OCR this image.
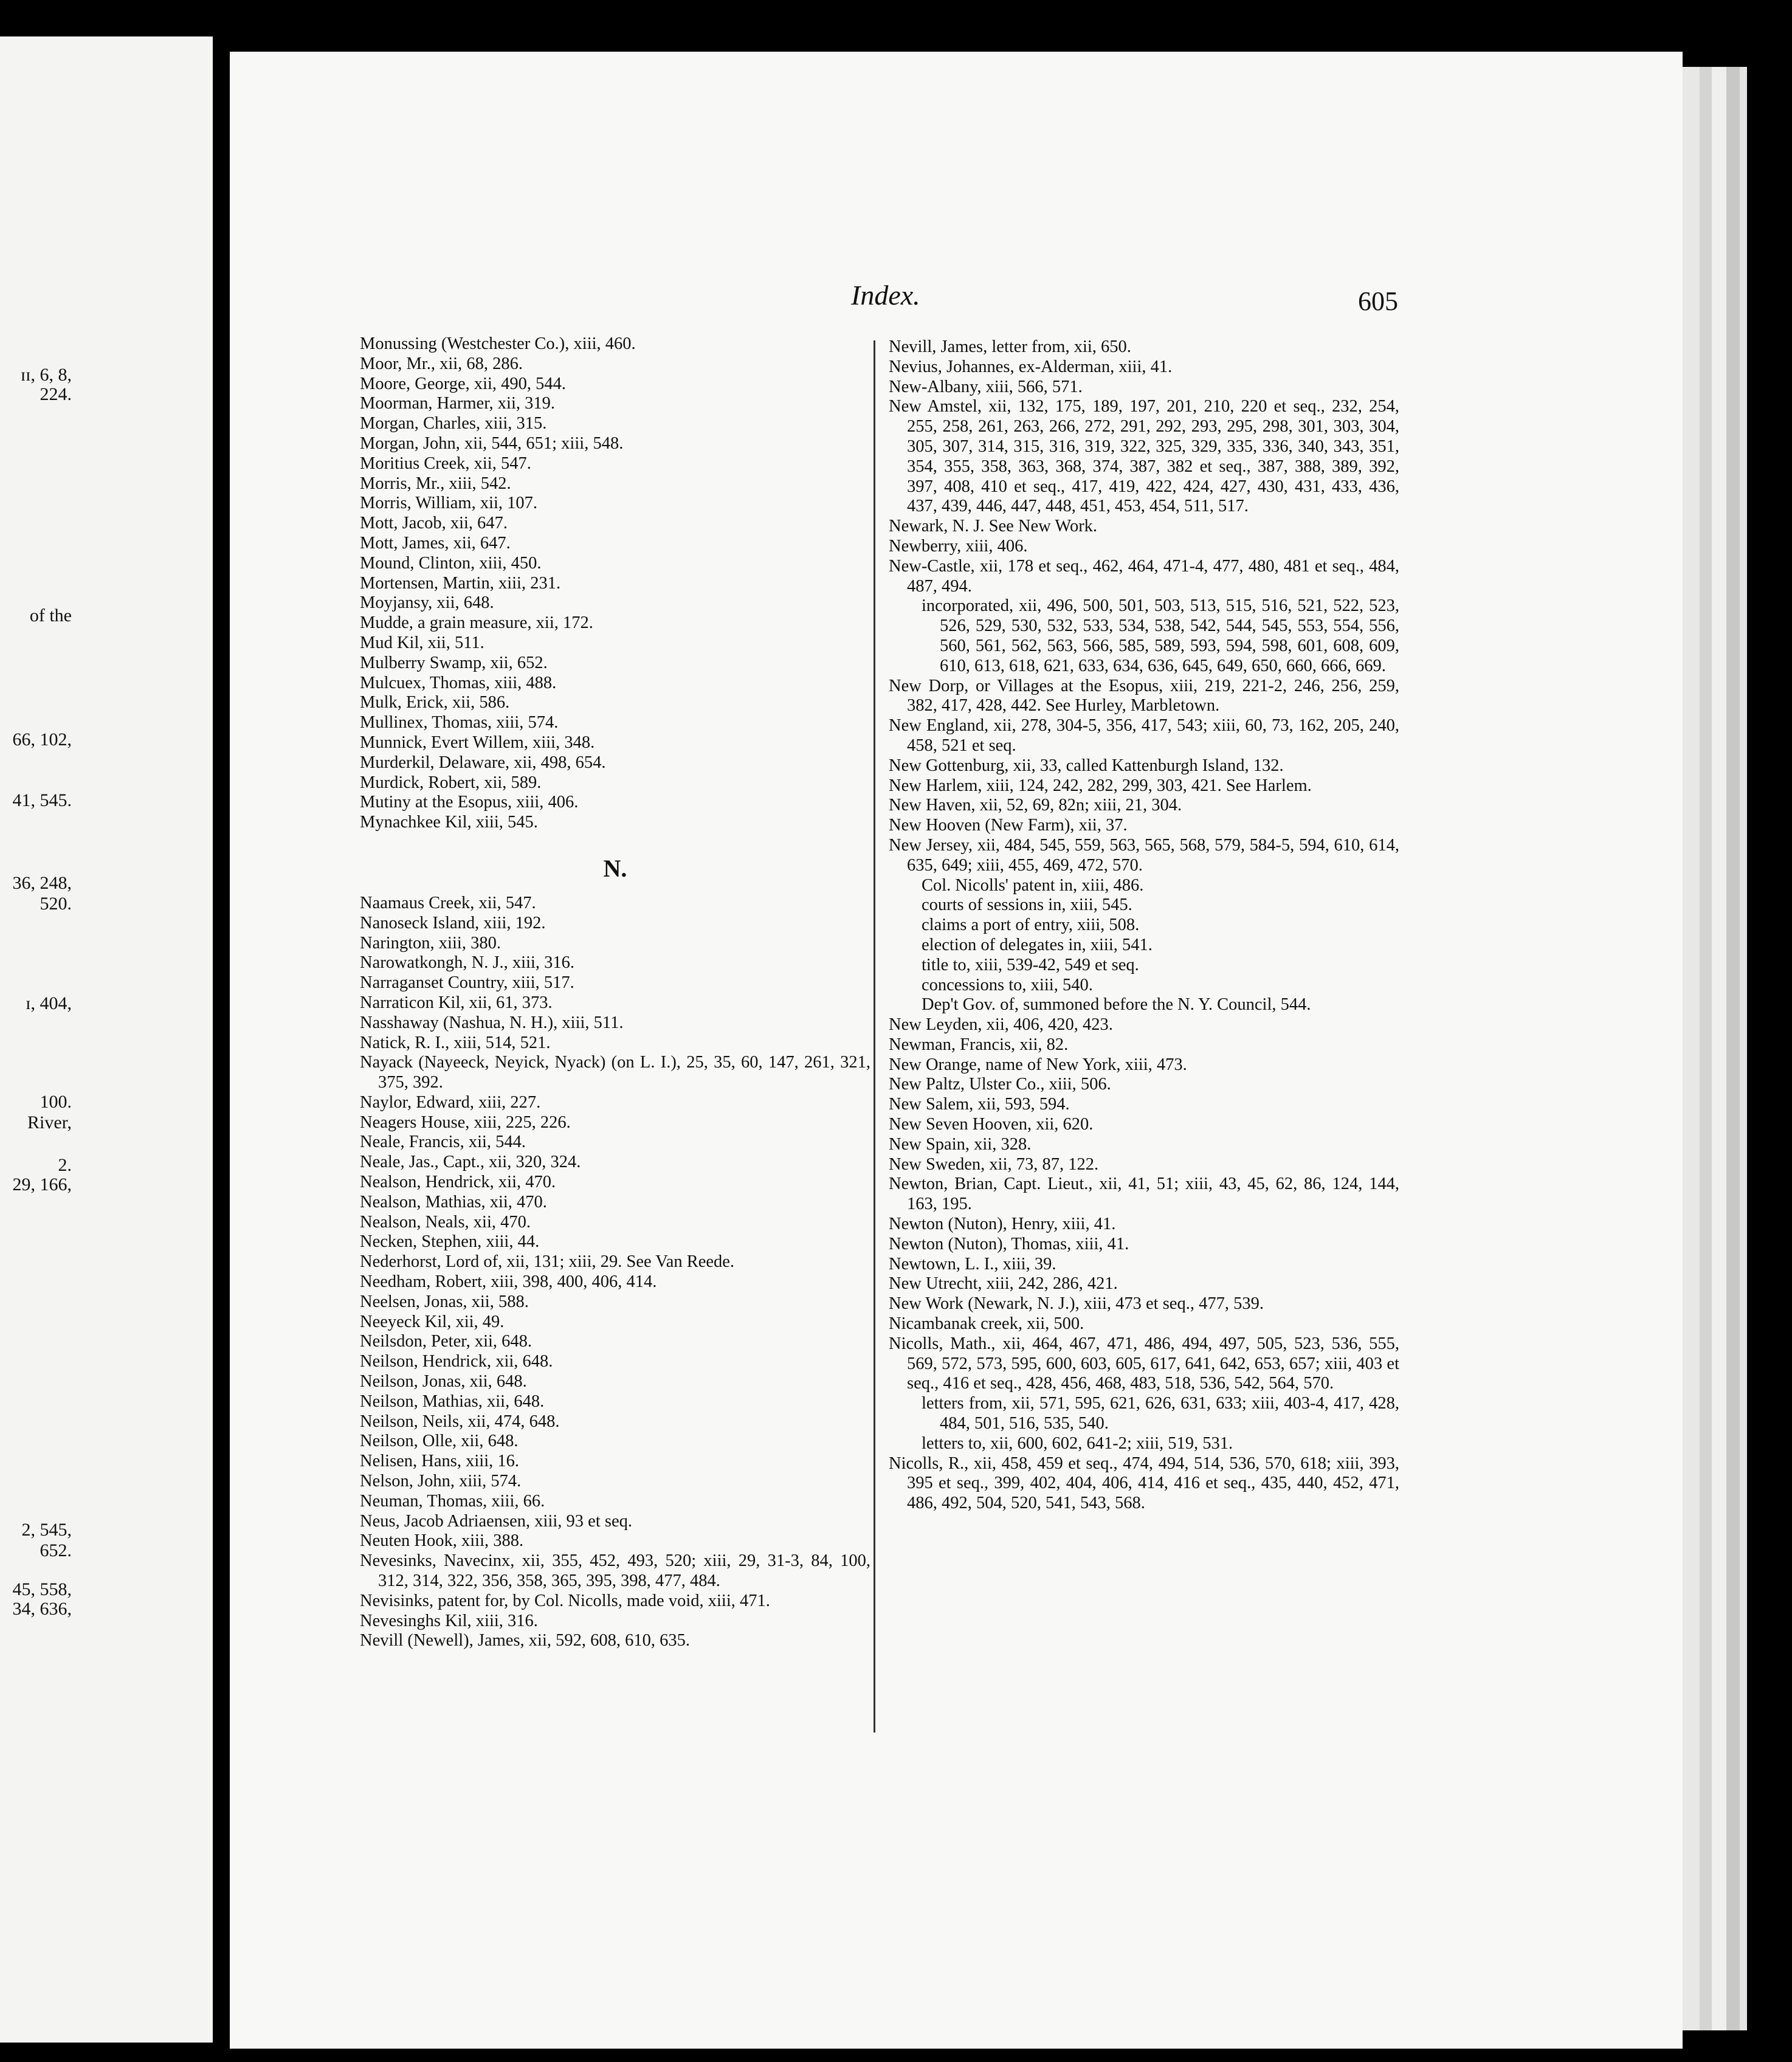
ɪɪ, 6, 8,
224.
of the
66, 102,
41, 545.
36, 248,
520.
ɪ, 404,
100.
River,
2.
29, 166,
2, 545,
652.
45, 558,
34, 636,
Index.	605
Monussing (Westchester Co.), xiii, 460.
Moor, Mr., xii, 68, 286.
Moore, George, xii, 490, 544.
Moorman, Harmer, xii, 319.
Morgan, Charles, xiii, 315.
Morgan, John, xii, 544, 651; xiii, 548.
Moritius Creek, xii, 547.
Morris, Mr., xiii, 542.
Morris, William, xii, 107.
Mott, Jacob, xii, 647.
Mott, James, xii, 647.
Mound, Clinton, xiii, 450.
Mortensen, Martin, xiii, 231.
Moyjansy, xii, 648.
Mudde, a grain measure, xii, 172.
Mud Kil, xii, 511.
Mulberry Swamp, xii, 652.
Mulcuex, Thomas, xiii, 488.
Mulk, Erick, xii, 586.
Mullinex, Thomas, xiii, 574.
Munnick, Evert Willem, xiii, 348.
Murderkil, Delaware, xii, 498, 654.
Murdick, Robert, xii, 589.
Mutiny at the Esopus, xiii, 406.
Mynachkee Kil, xiii, 545.
N.
Naamaus Creek, xii, 547.
Nanoseck Island, xiii, 192.
Narington, xiii, 380.
Narowatkongh, N. J., xiii, 316.
Narraganset Country, xiii, 517.
Narraticon Kil, xii, 61, 373.
Nasshaway (Nashua, N. H.), xiii, 511.
Natick, R. I., xiii, 514, 521.
Nayack (Nayeeck, Neyick, Nyack) (on L. I.), 25, 35, 60, 147, 261, 321, 375, 392.
Naylor, Edward, xiii, 227.
Neagers House, xiii, 225, 226.
Neale, Francis, xii, 544.
Neale, Jas., Capt., xii, 320, 324.
Nealson, Hendrick, xii, 470.
Nealson, Mathias, xii, 470.
Nealson, Neals, xii, 470.
Necken, Stephen, xiii, 44.
Nederhorst, Lord of, xii, 131; xiii, 29. See Van Reede.
Needham, Robert, xiii, 398, 400, 406, 414.
Neelsen, Jonas, xii, 588.
Neeyeck Kil, xii, 49.
Neilsdon, Peter, xii, 648.
Neilson, Hendrick, xii, 648.
Neilson, Jonas, xii, 648.
Neilson, Mathias, xii, 648.
Neilson, Neils, xii, 474, 648.
Neilson, Olle, xii, 648.
Nelisen, Hans, xiii, 16.
Nelson, John, xiii, 574.
Neuman, Thomas, xiii, 66.
Neus, Jacob Adriaensen, xiii, 93 et seq.
Neuten Hook, xiii, 388.
Nevesinks, Navecinx, xii, 355, 452, 493, 520; xiii, 29, 31-3, 84, 100, 312, 314, 322, 356, 358, 365, 395, 398, 477, 484.
Nevisinks, patent for, by Col. Nicolls, made void, xiii, 471.
Nevesinghs Kil, xiii, 316.
Nevill (Newell), James, xii, 592, 608, 610, 635.
Nevill, James, letter from, xii, 650.
Nevius, Johannes, ex-Alderman, xiii, 41.
New-Albany, xiii, 566, 571.
New Amstel, xii, 132, 175, 189, 197, 201, 210, 220 et seq., 232, 254, 255, 258, 261, 263, 266, 272, 291, 292, 293, 295, 298, 301, 303, 304, 305, 307, 314, 315, 316, 319, 322, 325, 329, 335, 336, 340, 343, 351, 354, 355, 358, 363, 368, 374, 387, 382 et seq., 387, 388, 389, 392, 397, 408, 410 et seq., 417, 419, 422, 424, 427, 430, 431, 433, 436, 437, 439, 446, 447, 448, 451, 453, 454, 511, 517.
Newark, N. J. See New Work.
Newberry, xiii, 406.
New-Castle, xii, 178 et seq., 462, 464, 471-4, 477, 480, 481 et seq., 484, 487, 494.
incorporated, xii, 496, 500, 501, 503, 513, 515, 516, 521, 522, 523, 526, 529, 530, 532, 533, 534, 538, 542, 544, 545, 553, 554, 556, 560, 561, 562, 563, 566, 585, 589, 593, 594, 598, 601, 608, 609, 610, 613, 618, 621, 633, 634, 636, 645, 649, 650, 660, 666, 669.
New Dorp, or Villages at the Esopus, xiii, 219, 221-2, 246, 256, 259, 382, 417, 428, 442. See Hurley, Marbletown.
New England, xii, 278, 304-5, 356, 417, 543; xiii, 60, 73, 162, 205, 240, 458, 521 et seq.
New Gottenburg, xii, 33, called Kattenburgh Island, 132.
New Harlem, xiii, 124, 242, 282, 299, 303, 421. See Harlem.
New Haven, xii, 52, 69, 82n; xiii, 21, 304.
New Hooven (New Farm), xii, 37.
New Jersey, xii, 484, 545, 559, 563, 565, 568, 579, 584-5, 594, 610, 614, 635, 649; xiii, 455, 469, 472, 570.
Col. Nicolls' patent in, xiii, 486.
courts of sessions in, xiii, 545.
claims a port of entry, xiii, 508.
election of delegates in, xiii, 541.
title to, xiii, 539-42, 549 et seq.
concessions to, xiii, 540.
Dep't Gov. of, summoned before the N. Y. Council, 544.
New Leyden, xii, 406, 420, 423.
Newman, Francis, xii, 82.
New Orange, name of New York, xiii, 473.
New Paltz, Ulster Co., xiii, 506.
New Salem, xii, 593, 594.
New Seven Hooven, xii, 620.
New Spain, xii, 328.
New Sweden, xii, 73, 87, 122.
Newton, Brian, Capt. Lieut., xii, 41, 51; xiii, 43, 45, 62, 86, 124, 144, 163, 195.
Newton (Nuton), Henry, xiii, 41.
Newton (Nuton), Thomas, xiii, 41.
Newtown, L. I., xiii, 39.
New Utrecht, xiii, 242, 286, 421.
New Work (Newark, N. J.), xiii, 473 et seq., 477, 539.
Nicambanak creek, xii, 500.
Nicolls, Math., xii, 464, 467, 471, 486, 494, 497, 505, 523, 536, 555, 569, 572, 573, 595, 600, 603, 605, 617, 641, 642, 653, 657; xiii, 403 et seq., 416 et seq., 428, 456, 468, 483, 518, 536, 542, 564, 570.
letters from, xii, 571, 595, 621, 626, 631, 633; xiii, 403-4, 417, 428, 484, 501, 516, 535, 540.
letters to, xii, 600, 602, 641-2; xiii, 519, 531.
Nicolls, R., xii, 458, 459 et seq., 474, 494, 514, 536, 570, 618; xiii, 393, 395 et seq., 399, 402, 404, 406, 414, 416 et seq., 435, 440, 452, 471, 486, 492, 504, 520, 541, 543, 568.
